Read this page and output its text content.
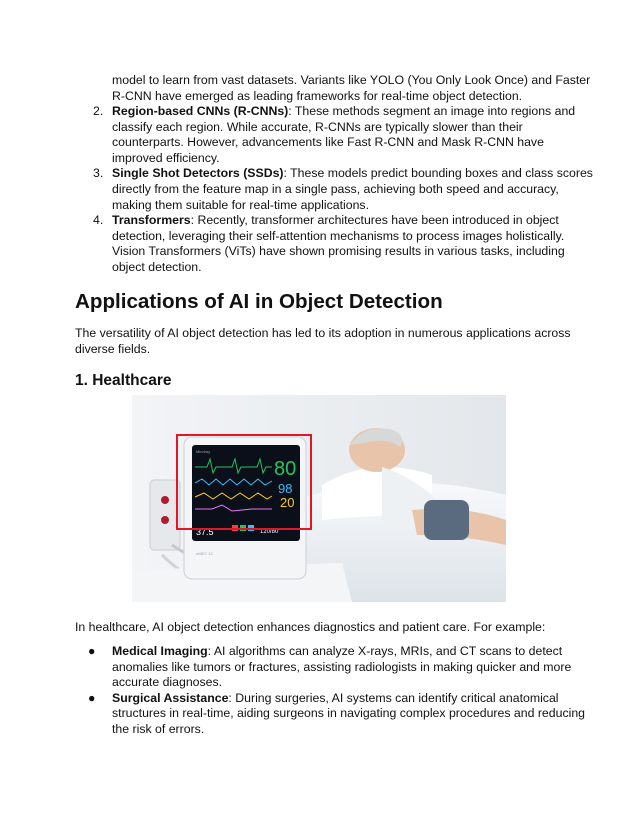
model to learn from vast datasets. Variants like YOLO (You Only Look Once) and Faster R-CNN have emerged as leading frameworks for real-time object detection.

2. Region-based CNNs (R-CNNs): These methods segment an image into regions and classify each region. While accurate, R-CNNs are typically slower than their counterparts. However, advancements like Fast R-CNN and Mask R-CNN have improved efficiency.
3. Single Shot Detectors (SSDs): These models predict bounding boxes and class scores directly from the feature map in a single pass, achieving both speed and accuracy, making them suitable for real-time applications.
4. Transformers: Recently, transformer architectures have been introduced in object detection, leveraging their self-attention mechanisms to process images holistically. Vision Transformers (ViTs) have shown promising results in various tasks, including object detection.
Applications of AI in Object Detection

The versatility of AI object detection has led to its adoption in numerous applications across diverse fields.

1. Healthcare
Mindray
80
98
20
37.5	120/80
uMEC 12

In healthcare, AI object detection enhances diagnostics and patient care. For example:

● Medical Imaging: AI algorithms can analyze X-rays, MRIs, and CT scans to detect anomalies like tumors or fractures, assisting radiologists in making quicker and more accurate diagnoses.
● Surgical Assistance: During surgeries, AI systems can identify critical anatomical structures in real-time, aiding surgeons in navigating complex procedures and reducing the risk of errors.
